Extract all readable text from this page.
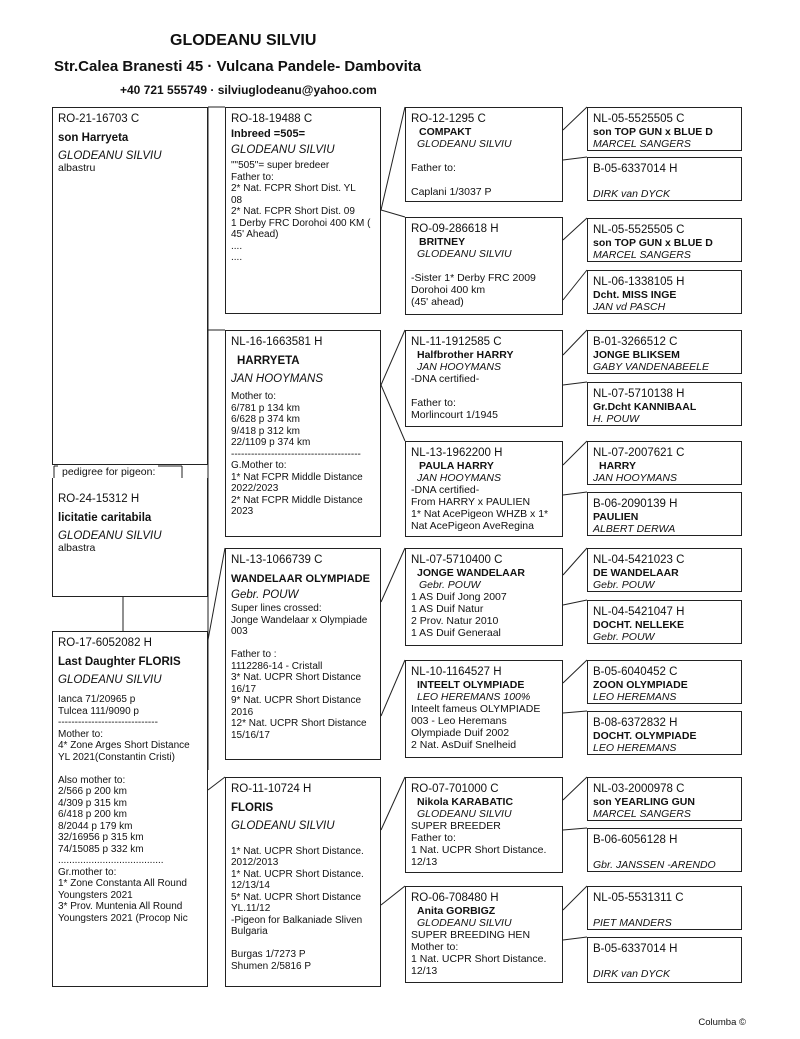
GLODEANU SILVIU
Str.Calea Branesti 45 · Vulcana Pandele- Dambovita
+40 721 555749 · silviuglodeanu@yahoo.com
RO-21-16703 C
son Harryeta
GLODEANU SILVIU
albastru
pedigree for pigeon:
RO-24-15312 H
licitatie caritabila
GLODEANU SILVIU
albastra
RO-17-6052082 H
Last Daughter FLORIS
GLODEANU SILVIU
Ianca 71/20965 p
Tulcea 111/9090 p
------------------------------
Mother to:
4* Zone Arges Short Distance
YL 2021(Constantin Cristi)

Also mother to:
2/566 p 200 km
4/309 p 315 km
6/418 p 200 km
8/2044 p 179 km
32/16956 p 315 km
74/15085 p 332 km
......................................
Gr.mother to:
1* Zone Constanta All Round
Youngsters 2021
3* Prov. Muntenia All Round
Youngsters 2021 (Procop Nic
RO-18-19488 C
Inbreed =505=
GLODEANU SILVIU
""505"= super bredeer
Father to:
2* Nat. FCPR Short Dist. YL
08
2* Nat. FCPR Short Dist. 09
1 Derby FRC Dorohoi 400 KM (
45' Ahead)
....
....
NL-16-1663581 H
HARRYETA
JAN HOOYMANS
Mother to:
6/781 p 134 km
6/628 p 374 km
9/418 p 312 km
22/1109 p 374 km
---------------------------------------
G.Mother to:
1* Nat FCPR Middle Distance
2022/2023
2* Nat FCPR Middle Distance
2023
NL-13-1066739 C
WANDELAAR OLYMPIADE
Gebr. POUW
Super lines crossed:
Jonge Wandelaar x Olympiade
003

Father to :
1112286-14 - Cristall
3* Nat. UCPR Short Distance
16/17
9* Nat. UCPR Short Distance
2016
12* Nat. UCPR Short Distance
15/16/17
RO-11-10724 H
FLORIS
GLODEANU SILVIU

1* Nat. UCPR Short Distance.
2012/2013
1* Nat. UCPR Short Distance.
12/13/14
5* Nat. UCPR Short Distance
YL.11/12
-Pigeon for Balkaniade Sliven
Bulgaria

Burgas 1/7273 P
Shumen 2/5816 P
RO-12-1295 C
COMPAKT
GLODEANU SILVIU

Father to:

Caplani 1/3037 P
RO-09-286618 H
BRITNEY
GLODEANU SILVIU

-Sister 1* Derby FRC 2009
Dorohoi 400 km
(45' ahead)
NL-11-1912585 C
Halfbrother HARRY
JAN HOOYMANS
-DNA certified-

Father to:
Morlincourt 1/1945
NL-13-1962200 H
PAULA HARRY
JAN HOOYMANS
-DNA certified-
From HARRY x PAULIEN
1* Nat AcePigeon WHZB x 1*
Nat AcePigeon AveRegina
NL-07-5710400 C
JONGE WANDELAAR
Gebr. POUW
1 AS Duif Jong 2007
1 AS Duif Natur
2 Prov. Natur 2010
1 AS Duif Generaal
NL-10-1164527 H
INTEELT OLYMPIADE
LEO HEREMANS 100%
Inteelt fameus OLYMPIADE
003 - Leo Heremans
Olympiade Duif 2002
2 Nat. AsDuif Snelheid
RO-07-701000 C
Nikola KARABATIC
GLODEANU SILVIU
SUPER BREEDER
Father to:
1 Nat. UCPR Short Distance.
12/13
RO-06-708480 H
Anita GORBIGZ
GLODEANU SILVIU
SUPER BREEDING HEN
Mother to:
1 Nat. UCPR Short Distance.
12/13
NL-05-5525505 C
son TOP GUN x BLUE D
MARCEL SANGERS
B-05-6337014 H
DIRK van DYCK
NL-05-5525505 C
son TOP GUN x BLUE D
MARCEL SANGERS
NL-06-1338105 H
Dcht. MISS INGE
JAN vd PASCH
B-01-3266512 C
JONGE BLIKSEM
GABY VANDENABEELE
NL-07-5710138 H
Gr.Dcht KANNIBAAL
H. POUW
NL-07-2007621 C
HARRY
JAN HOOYMANS
B-06-2090139 H
PAULIEN
ALBERT DERWA
NL-04-5421023 C
DE WANDELAAR
Gebr. POUW
NL-04-5421047 H
DOCHT. NELLEKE
Gebr. POUW
B-05-6040452 C
ZOON OLYMPIADE
LEO HEREMANS
B-08-6372832 H
DOCHT. OLYMPIADE
LEO HEREMANS
NL-03-2000978 C
son YEARLING GUN
MARCEL SANGERS
B-06-6056128 H
Gbr. JANSSEN -ARENDO
NL-05-5531311 C
PIET MANDERS
B-05-6337014 H
DIRK van DYCK
Columba ©
